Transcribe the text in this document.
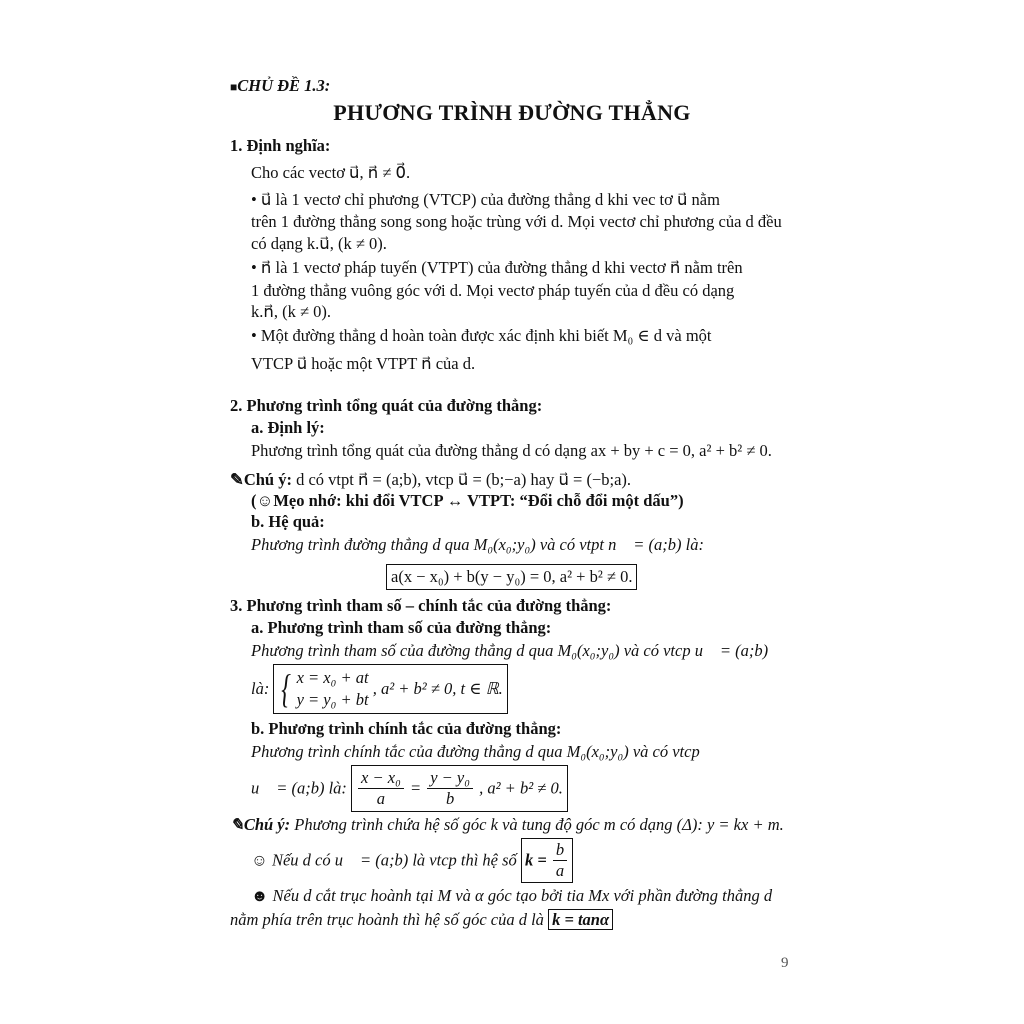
■CHỦ ĐỀ 1.3:
PHƯƠNG TRÌNH ĐƯỜNG THẲNG
1. Định nghĩa:
Cho các vectơ u⃗, n⃗ ≠ 0⃗.
• u⃗ là 1 vectơ chỉ phương (VTCP) của đường thẳng d khi vec tơ u⃗ nằm
trên 1 đường thẳng song song hoặc trùng với d. Mọi vectơ chỉ phương của d đều
có dạng k.u⃗, (k ≠ 0).
• n⃗ là 1 vectơ pháp tuyến (VTPT) của đường thẳng d khi vectơ n⃗ nằm trên
1 đường thẳng vuông góc với d. Mọi vectơ pháp tuyến của d đều có dạng
k.n⃗, (k ≠ 0).
• Một đường thẳng d hoàn toàn được xác định khi biết M₀ ∈ d và một
VTCP u⃗ hoặc một VTPT n⃗ của d.
2. Phương trình tổng quát của đường thẳng:
a. Định lý:
Phương trình tổng quát của đường thẳng d có dạng ax + by + c = 0, a² + b² ≠ 0.
✎Chú ý: d có vtpt n⃗ = (a;b), vtcp u⃗ = (b;−a) hay u⃗ = (−b;a).
(☺Mẹo nhớ: khi đổi VTCP ↔ VTPT: “Đổi chỗ đổi một dấu”)
b. Hệ quả:
Phương trình đường thẳng d qua M₀(x₀;y₀) và có vtpt n⃗ = (a;b) là:
a(x − x₀) + b(y − y₀) = 0, a² + b² ≠ 0.
3. Phương trình tham số – chính tắc của đường thẳng:
a. Phương trình tham số của đường thẳng:
Phương trình tham số của đường thẳng d qua M₀(x₀;y₀) và có vtcp u⃗ = (a;b)
là: { x = x₀ + at
y = y₀ + bt
, a² + b² ≠ 0, t ∈ ℝ.
b. Phương trình chính tắc của đường thẳng:
Phương trình chính tắc của đường thẳng d qua M₀(x₀;y₀) và có vtcp
u⃗ = (a;b) là: $\frac{\text{x − x₀}}{a} = \frac{\text{y − y₀}}{b}$ , a² + b² ≠ 0.
✎Chú ý: Phương trình chứa hệ số góc k và tung độ góc m có dạng (Δ): y = kx + m.
☺ Nếu d có u⃗ = (a;b) là vtcp thì hệ số $k = \frac{b}{a}$
☻ Nếu d cắt trục hoành tại M và α góc tạo bởi tia Mx với phần đường thẳng d
nằm phía trên trục hoành thì hệ số góc của d là k = tanα
9
